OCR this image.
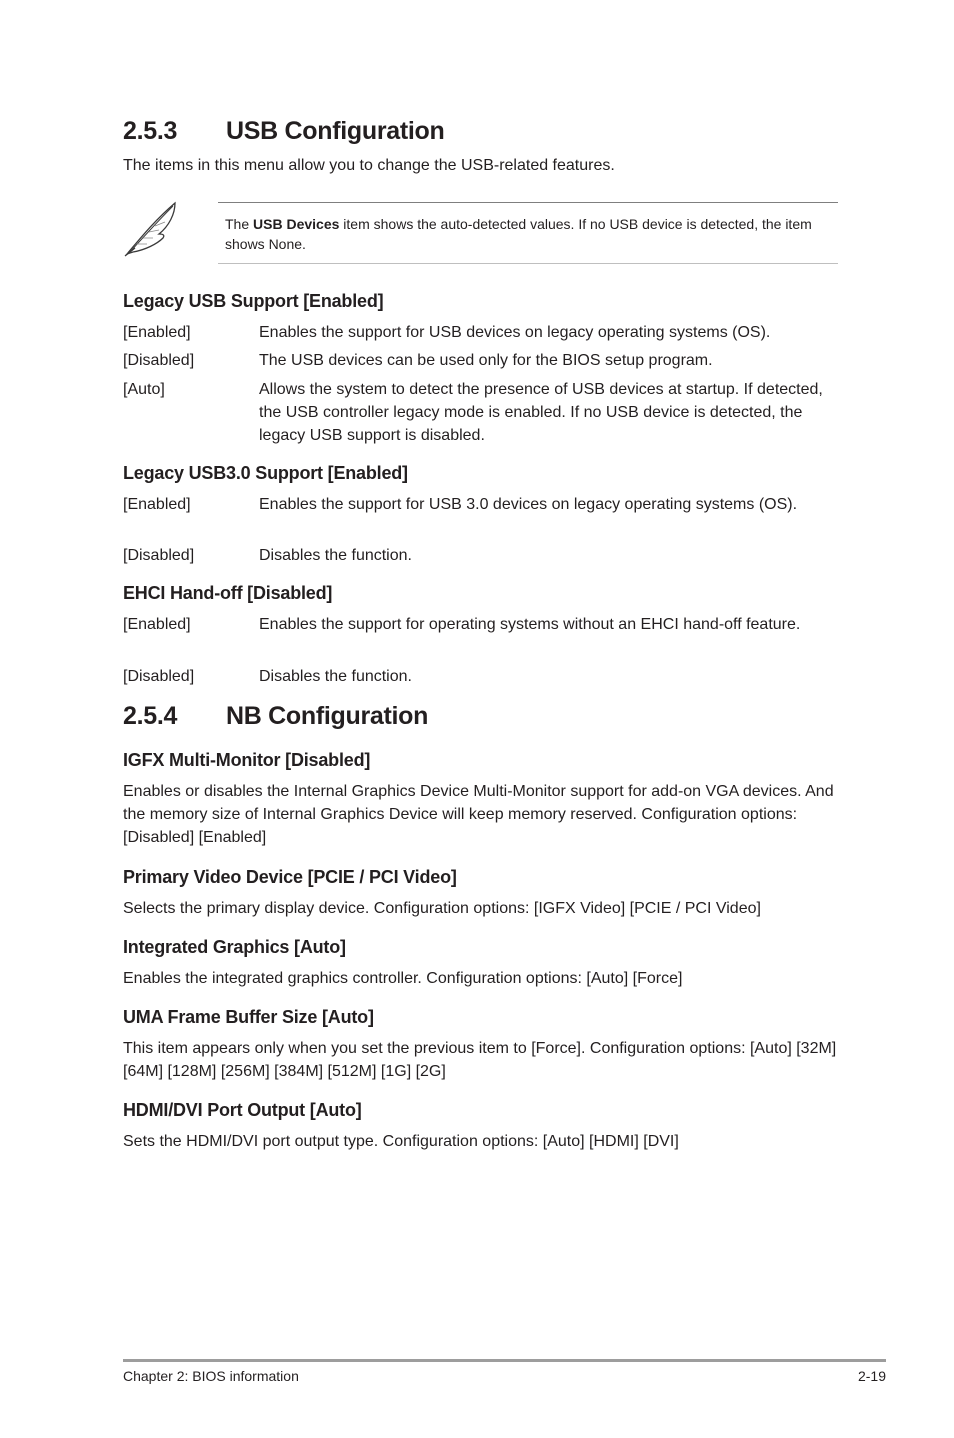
2.5.3 USB Configuration
The items in this menu allow you to change the USB-related features.
The USB Devices item shows the auto-detected values. If no USB device is detected, the item shows None.
Legacy USB Support [Enabled]
[Enabled]	Enables the support for USB devices on legacy operating systems (OS).
[Disabled]	The USB devices can be used only for the BIOS setup program.
[Auto]	Allows the system to detect the presence of USB devices at startup. If detected, the USB controller legacy mode is enabled. If no USB device is detected, the legacy USB support is disabled.
Legacy USB3.0 Support [Enabled]
[Enabled]	Enables the support for USB 3.0 devices on legacy operating systems (OS).
[Disabled]	Disables the function.
EHCI Hand-off [Disabled]
[Enabled]	Enables the support for operating systems without an EHCI hand-off feature.
[Disabled]	Disables the function.
2.5.4 NB Configuration
IGFX Multi-Monitor [Disabled]
Enables or disables the Internal Graphics Device Multi-Monitor support for add-on VGA devices. And the memory size of Internal Graphics Device will keep memory reserved. Configuration options: [Disabled] [Enabled]
Primary Video Device [PCIE / PCI Video]
Selects the primary display device. Configuration options: [IGFX Video] [PCIE / PCI Video]
Integrated Graphics [Auto]
Enables the integrated graphics controller. Configuration options: [Auto] [Force]
UMA Frame Buffer Size [Auto]
This item appears only when you set the previous item to [Force]. Configuration options: [Auto] [32M] [64M] [128M] [256M] [384M] [512M] [1G] [2G]
HDMI/DVI Port Output [Auto]
Sets the HDMI/DVI port output type. Configuration options: [Auto] [HDMI] [DVI]
Chapter 2: BIOS information	2-19
